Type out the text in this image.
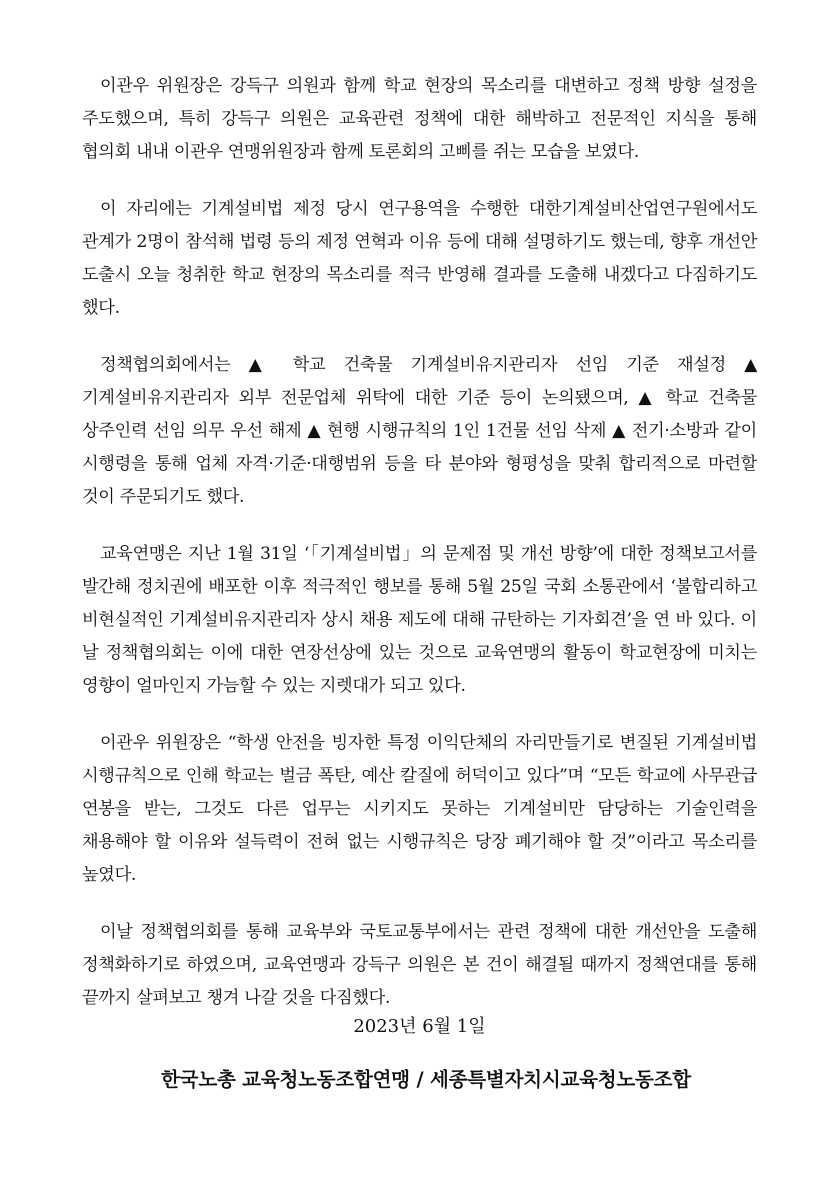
이관우 위원장은 강득구 의원과 함께 학교 현장의 목소리를 대변하고 정책 방향 설정을 주도했으며, 특히 강득구 의원은 교육관련 정책에 대한 해박하고 전문적인 지식을 통해 협의회 내내 이관우 연맹위원장과 함께 토론회의 고삐를 쥐는 모습을 보였다.

이 자리에는 기계설비법 제정 당시 연구용역을 수행한 대한기계설비산업연구원에서도 관계가 2명이 참석해 법령 등의 제정 연혁과 이유 등에 대해 설명하기도 했는데, 향후 개선안 도출시 오늘 청취한 학교 현장의 목소리를 적극 반영해 결과를 도출해 내겠다고 다짐하기도 했다.

정책협의회에서는 ▲ 학교 건축물 기계설비유지관리자 선임 기준 재설정 ▲ 기계설비유지관리자 외부 전문업체 위탁에 대한 기준 등이 논의됐으며, ▲ 학교 건축물 상주인력 선임 의무 우선 해제 ▲ 현행 시행규칙의 1인 1건물 선임 삭제 ▲ 전기·소방과 같이 시행령을 통해 업체 자격·기준·대행범위 등을 타 분야와 형평성을 맞춰 합리적으로 마련할 것이 주문되기도 했다.

교육연맹은 지난 1월 31일 ‘「기계설비법」의 문제점 및 개선 방향’에 대한 정책보고서를 발간해 정치권에 배포한 이후 적극적인 행보를 통해 5월 25일 국회 소통관에서 ‘불합리하고 비현실적인 기계설비유지관리자 상시 채용 제도에 대해 규탄하는 기자회견’을 연 바 있다. 이 날 정책협의회는 이에 대한 연장선상에 있는 것으로 교육연맹의 활동이 학교현장에 미치는 영향이 얼마인지 가늠할 수 있는 지렛대가 되고 있다.

이관우 위원장은 “학생 안전을 빙자한 특정 이익단체의 자리만들기로 변질된 기계설비법 시행규칙으로 인해 학교는 벌금 폭탄, 예산 칼질에 허덕이고 있다”며 “모든 학교에 사무관급 연봉을 받는, 그것도 다른 업무는 시키지도 못하는 기계설비만 담당하는 기술인력을 채용해야 할 이유와 설득력이 전혀 없는 시행규칙은 당장 폐기해야 할 것”이라고 목소리를 높였다.

이날 정책협의회를 통해 교육부와 국토교통부에서는 관련 정책에 대한 개선안을 도출해 정책화하기로 하였으며, 교육연맹과 강득구 의원은 본 건이 해결될 때까지 정책연대를 통해 끝까지 살펴보고 챙겨 나갈 것을 다짐했다.

2023년 6월 1일

한국노총 교육청노동조합연맹 / 세종특별자치시교육청노동조합
